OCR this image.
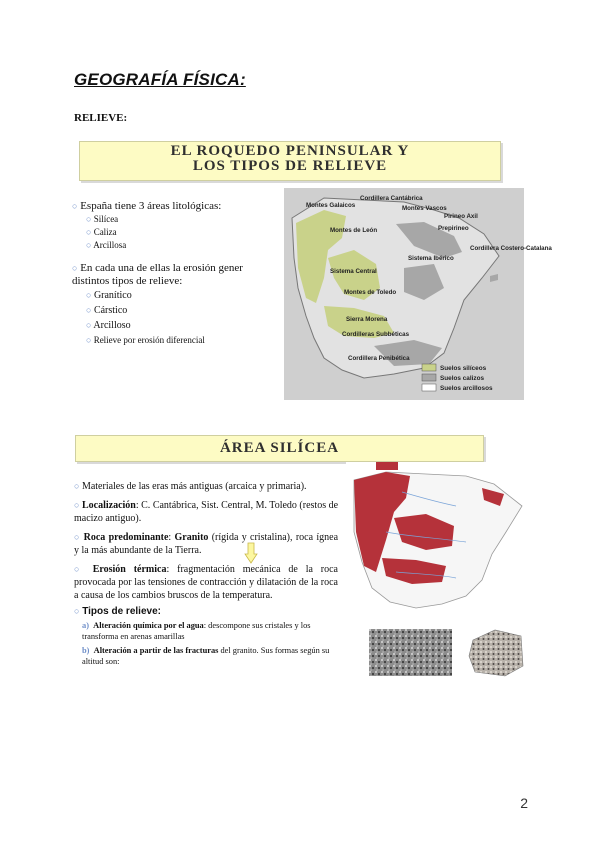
GEOGRAFÍA FÍSICA:
RELIEVE:
EL ROQUEDO PENINSULAR Y
LOS TIPOS DE RELIEVE
○ España tiene 3 áreas litológicas:
○ Silícea
○ Caliza
○ Arcillosa
○ En cada una de ellas la erosión gener
distintos tipos de relieve:
○ Granítico
○ Cárstico
○ Arcilloso
○ Relieve por erosión diferencial
Montes Galaicos
Cordillera Cantábrica
Montes Vascos
Pirineo Axil
Prepirineo
Montes de León
Cordillera Costero-Catalana
Sistema Ibérico
Sistema Central
Montes de Toledo
Sierra Morena
Cordilleras Subbéticas
Cordillera Penibética
Suelos silíceos
Suelos calizos
Suelos arcillosos
ÁREA SILÍCEA

○ Materiales de las eras más antiguas (arcaica y primaria).

○ Localización: C. Cantábrica, Sist. Central, M. Toledo (restos de macizo antiguo).

○ Roca predominante: Granito (rígida y cristalina), roca ígnea y la más abundante de la Tierra.

○ Erosión térmica: fragmentación mecánica de la roca provocada por las tensiones de contracción y dilatación de la roca a causa de los cambios bruscos de la temperatura.

○ Tipos de relieve:
a) Alteración química por el agua: descompone sus cristales y los transforma en arenas amarillas
b) Alteración a partir de las fracturas del granito. Sus formas según su altitud son:
2
